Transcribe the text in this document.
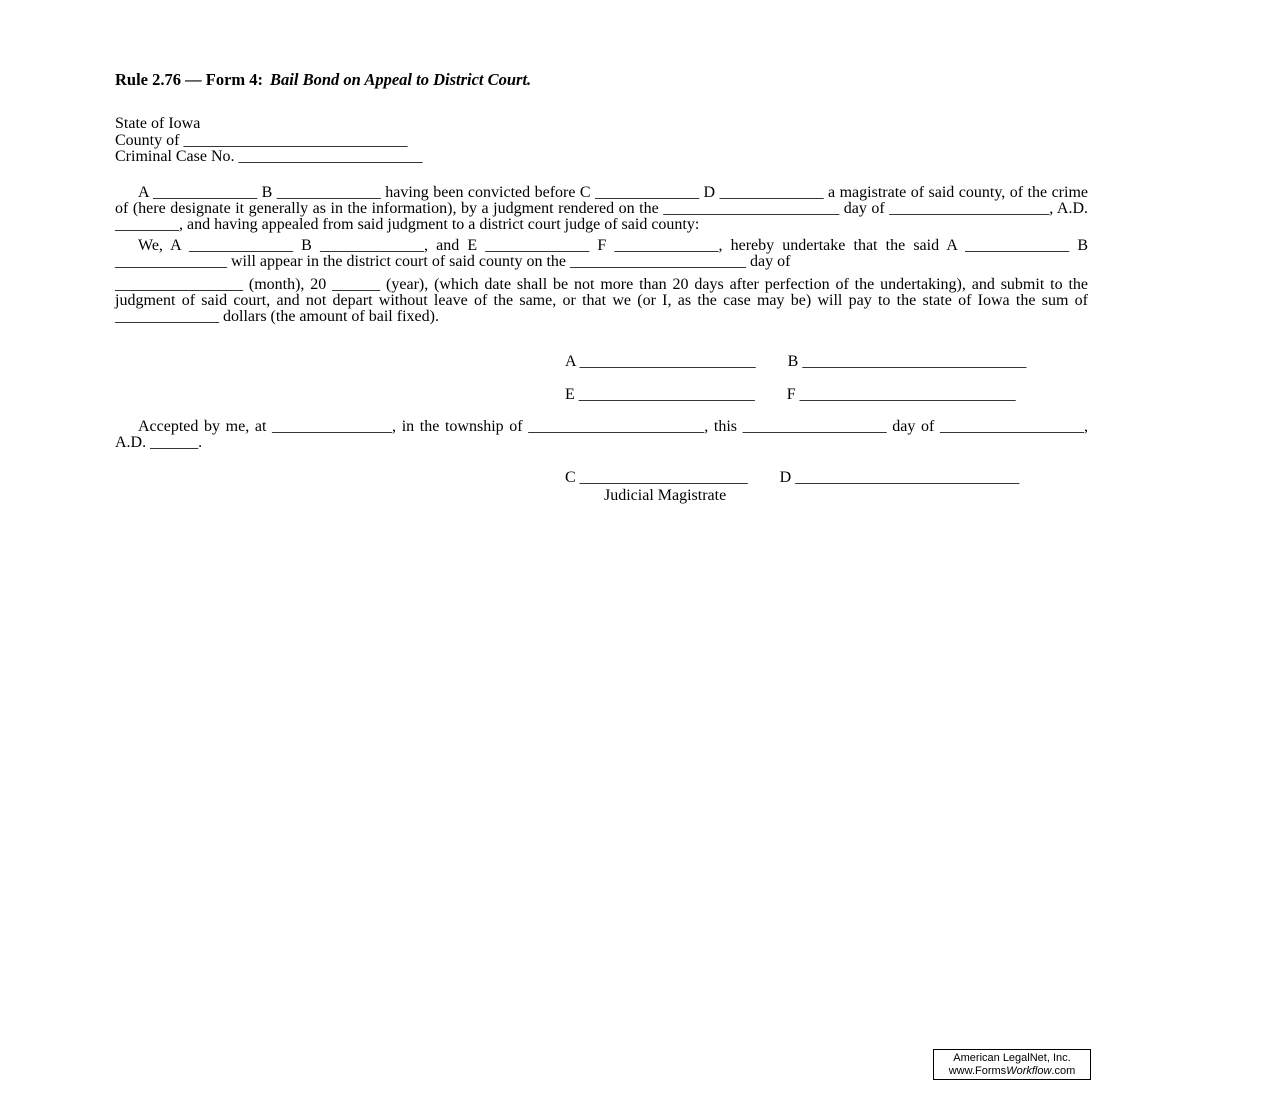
Rule 2.76 — Form 4: Bail Bond on Appeal to District Court.
State of Iowa
County of ____________________________
Criminal Case No. _______________________

A _____________ B _____________ having been convicted before C _____________ D _____________ a magistrate of said county, of the crime of (here designate it generally as in the information), by a judgment rendered on the ______________________ day of ____________________, A.D. ________, and having appealed from said judgment to a district court judge of said county:

We, A _____________ B _____________, and E _____________ F _____________, hereby undertake that the said A _____________ B ______________ will appear in the district court of said county on the ______________________ day of

________________ (month), 20 ______ (year), (which date shall be not more than 20 days after perfection of the undertaking), and submit to the judgment of said court, and not depart without leave of the same, or that we (or I, as the case may be) will pay to the state of Iowa the sum of _____________ dollars (the amount of bail fixed).

A ______________________ B ____________________________
E ______________________ F ___________________________

Accepted by me, at _______________, in the township of ______________________, this __________________ day of __________________, A.D. ______.

C _____________________ D ____________________________
Judicial Magistrate
American LegalNet, Inc.
www.FormsWorkflow.com
